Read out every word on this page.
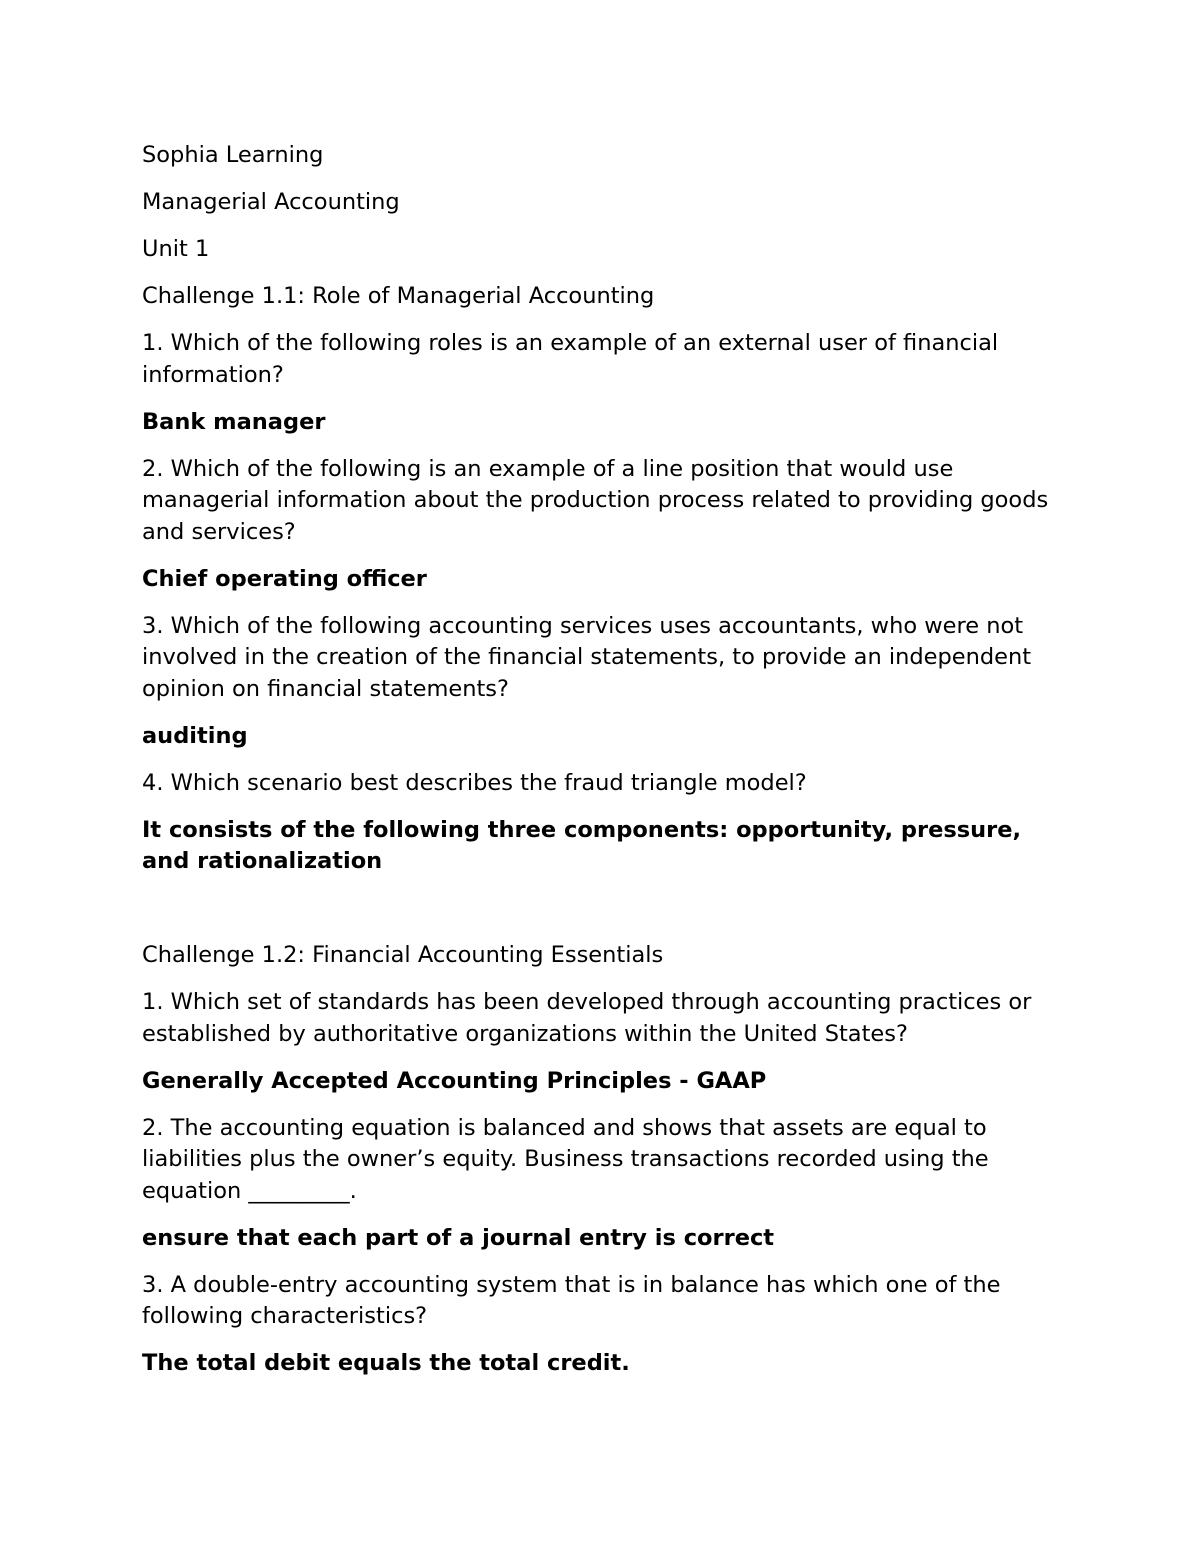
Sophia Learning

Managerial Accounting

Unit 1

Challenge 1.1: Role of Managerial Accounting

1. Which of the following roles is an example of an external user of financial information?

Bank manager

2. Which of the following is an example of a line position that would use managerial information about the production process related to providing goods and services?

Chief operating officer

3. Which of the following accounting services uses accountants, who were not involved in the creation of the financial statements, to provide an independent opinion on financial statements?

auditing

4. Which scenario best describes the fraud triangle model?

It consists of the following three components: opportunity, pressure, and rationalization

Challenge 1.2: Financial Accounting Essentials

1. Which set of standards has been developed through accounting practices or established by authoritative organizations within the United States?

Generally Accepted Accounting Principles - GAAP

2. The accounting equation is balanced and shows that assets are equal to liabilities plus the owner’s equity. Business transactions recorded using the equation _________.

ensure that each part of a journal entry is correct

3. A double-entry accounting system that is in balance has which one of the following characteristics?

The total debit equals the total credit.
